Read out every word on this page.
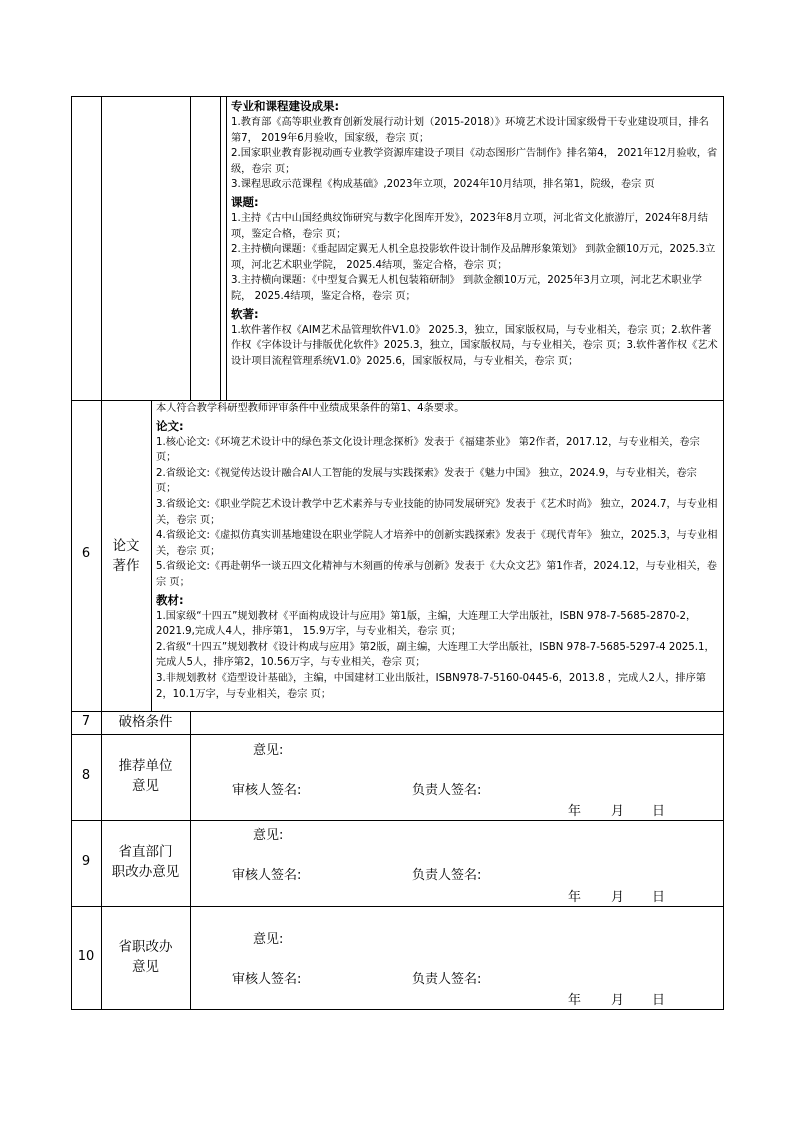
专业和课程建设成果:

1.教育部《高等职业教育创新发展行动计划（2015-2018）》环境艺术设计国家级骨干专业建设项目，排名第7， 2019年6月验收，国家级，卷宗 页；

2.国家职业教育影视动画专业教学资源库建设子项目《动态图形广告制作》排名第4， 2021年12月验收，省级，卷宗 页；

3.课程思政示范课程《构成基础》,2023年立项，2024年10月结项，排名第1，院级，卷宗 页

课题:

1.主持《古中山国经典纹饰研究与数字化图库开发》，2023年8月立项，河北省文化旅游厅，2024年8月结项，鉴定合格，卷宗 页；

2.主持横向课题：《垂起固定翼无人机全息投影软件设计制作及品牌形象策划》 到款金额10万元，2025.3立项，河北艺术职业学院， 2025.4结项，鉴定合格，卷宗 页；

3.主持横向课题：《中型复合翼无人机包装箱研制》 到款金额10万元，2025年3月立项，河北艺术职业学院， 2025.4结项，鉴定合格，卷宗 页；

软著:

1.软件著作权《AIM艺术品管理软件V1.0》 2025.3，独立，国家版权局，与专业相关，卷宗 页；2.软件著作权《字体设计与排版优化软件》2025.3，独立，国家版权局，与专业相关，卷宗 页；3.软件著作权《艺术设计项目流程管理系统V1.0》2025.6，国家版权局，与专业相关，卷宗 页；

6	论文
著作

本人符合教学科研型教师评审条件中业绩成果条件的第1、4条要求。

论文:

1.核心论文:《环境艺术设计中的绿色茶文化设计理念探析》发表于《福建茶业》 第2作者，2017.12，与专业相关，卷宗 页；

2.省级论文:《视觉传达设计融合AI人工智能的发展与实践探索》发表于《魅力中国》 独立，2024.9，与专业相关，卷宗 页；

3.省级论文:《职业学院艺术设计教学中艺术素养与专业技能的协同发展研究》发表于《艺术时尚》 独立，2024.7，与专业相关，卷宗 页；

4.省级论文:《虚拟仿真实训基地建设在职业学院人才培养中的创新实践探索》发表于《现代青年》 独立，2025.3，与专业相关，卷宗 页；

5.省级论文:《再赴朝华一谈五四文化精神与木刻画的传承与创新》发表于《大众文艺》第1作者，2024.12，与专业相关，卷宗 页；

教材:

1.国家级“十四五”规划教材《平面构成设计与应用》第1版，主编，大连理工大学出版社，ISBN 978-7-5685-2870-2，2021.9,完成人4人，排序第1， 15.9万字，与专业相关，卷宗 页；

2.省级“十四五”规划教材《设计构成与应用》第2版，副主编，大连理工大学出版社，ISBN 978-7-5685-5297-4 2025.1，完成人5人，排序第2，10.56万字，与专业相关，卷宗 页；

3.非规划教材《造型设计基础》，主编，中国建材工业出版社，ISBN978-7-5160-0445-6，2013.8 ，完成人2人，排序第2，10.1万字，与专业相关，卷宗 页；

7	破格条件
8
推荐单位
意见
意见:
审核人签名:	负责人签名:
年 月 日
9
省直部门
职改办意见
意见:
审核人签名:	负责人签名:
年 月 日
10
省职改办
意见
意见:
审核人签名:	负责人签名:
年 月 日
